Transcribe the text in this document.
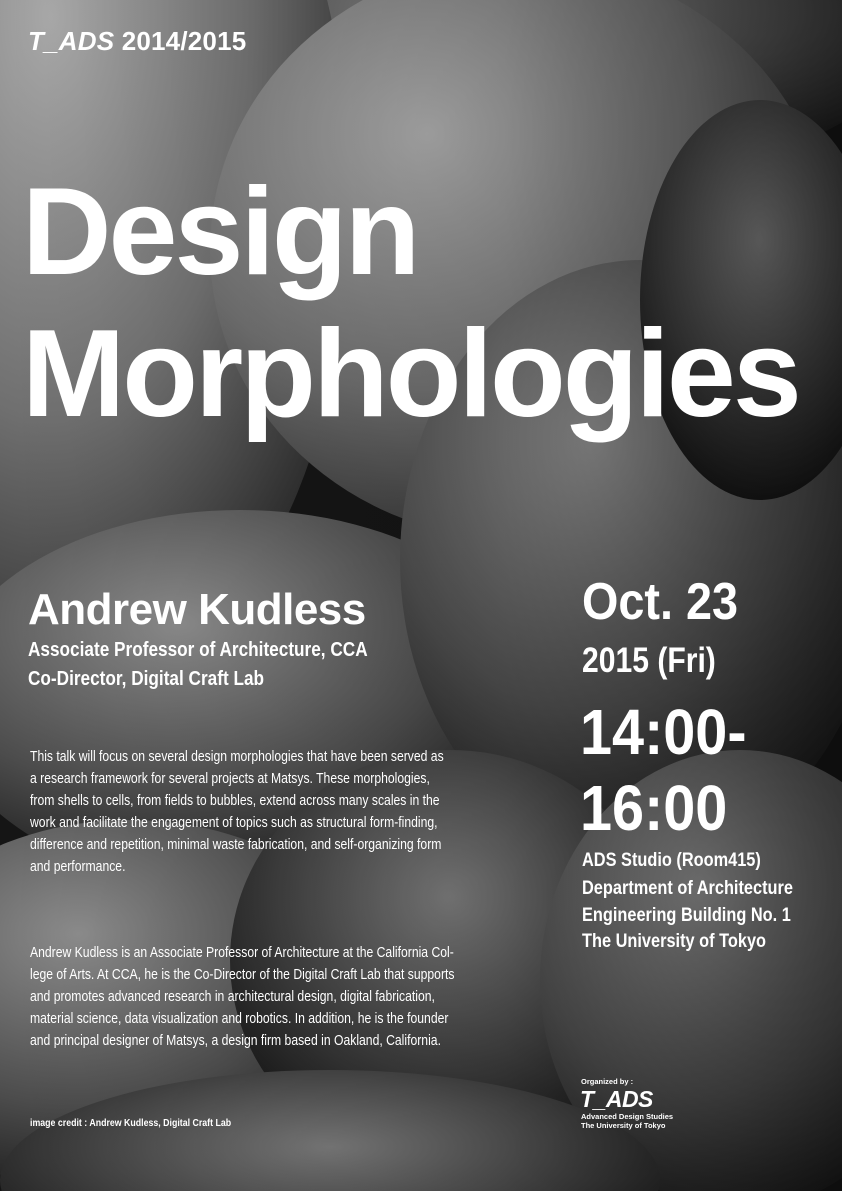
T_ADS 2014/2015
Design
Morphologies
Andrew Kudless
Associate Professor of Architecture, CCA
Co-Director, Digital Craft Lab
This talk will focus on several design morphologies that have been served as
a research framework for several projects at Matsys. These morphologies,
from shells to cells, from fields to bubbles, extend across many scales in the
work and facilitate the engagement of topics such as structural form-finding,
difference and repetition, minimal waste fabrication, and self-organizing form
and performance.
Andrew Kudless is an Associate Professor of Architecture at the California Col-
lege of Arts. At CCA, he is the Co-Director of the Digital Craft Lab that supports
and promotes advanced research in architectural design, digital fabrication,
material science, data visualization and robotics. In addition, he is the founder
and principal designer of Matsys, a design firm based in Oakland, California.
Oct. 23
2015 (Fri)
14:00-
16:00
ADS Studio (Room415)
Department of Architecture
Engineering Building No. 1
The University of Tokyo
Organized by :
T_ADS
Advanced Design Studies
The University of Tokyo
image credit : Andrew Kudless, Digital Craft Lab
